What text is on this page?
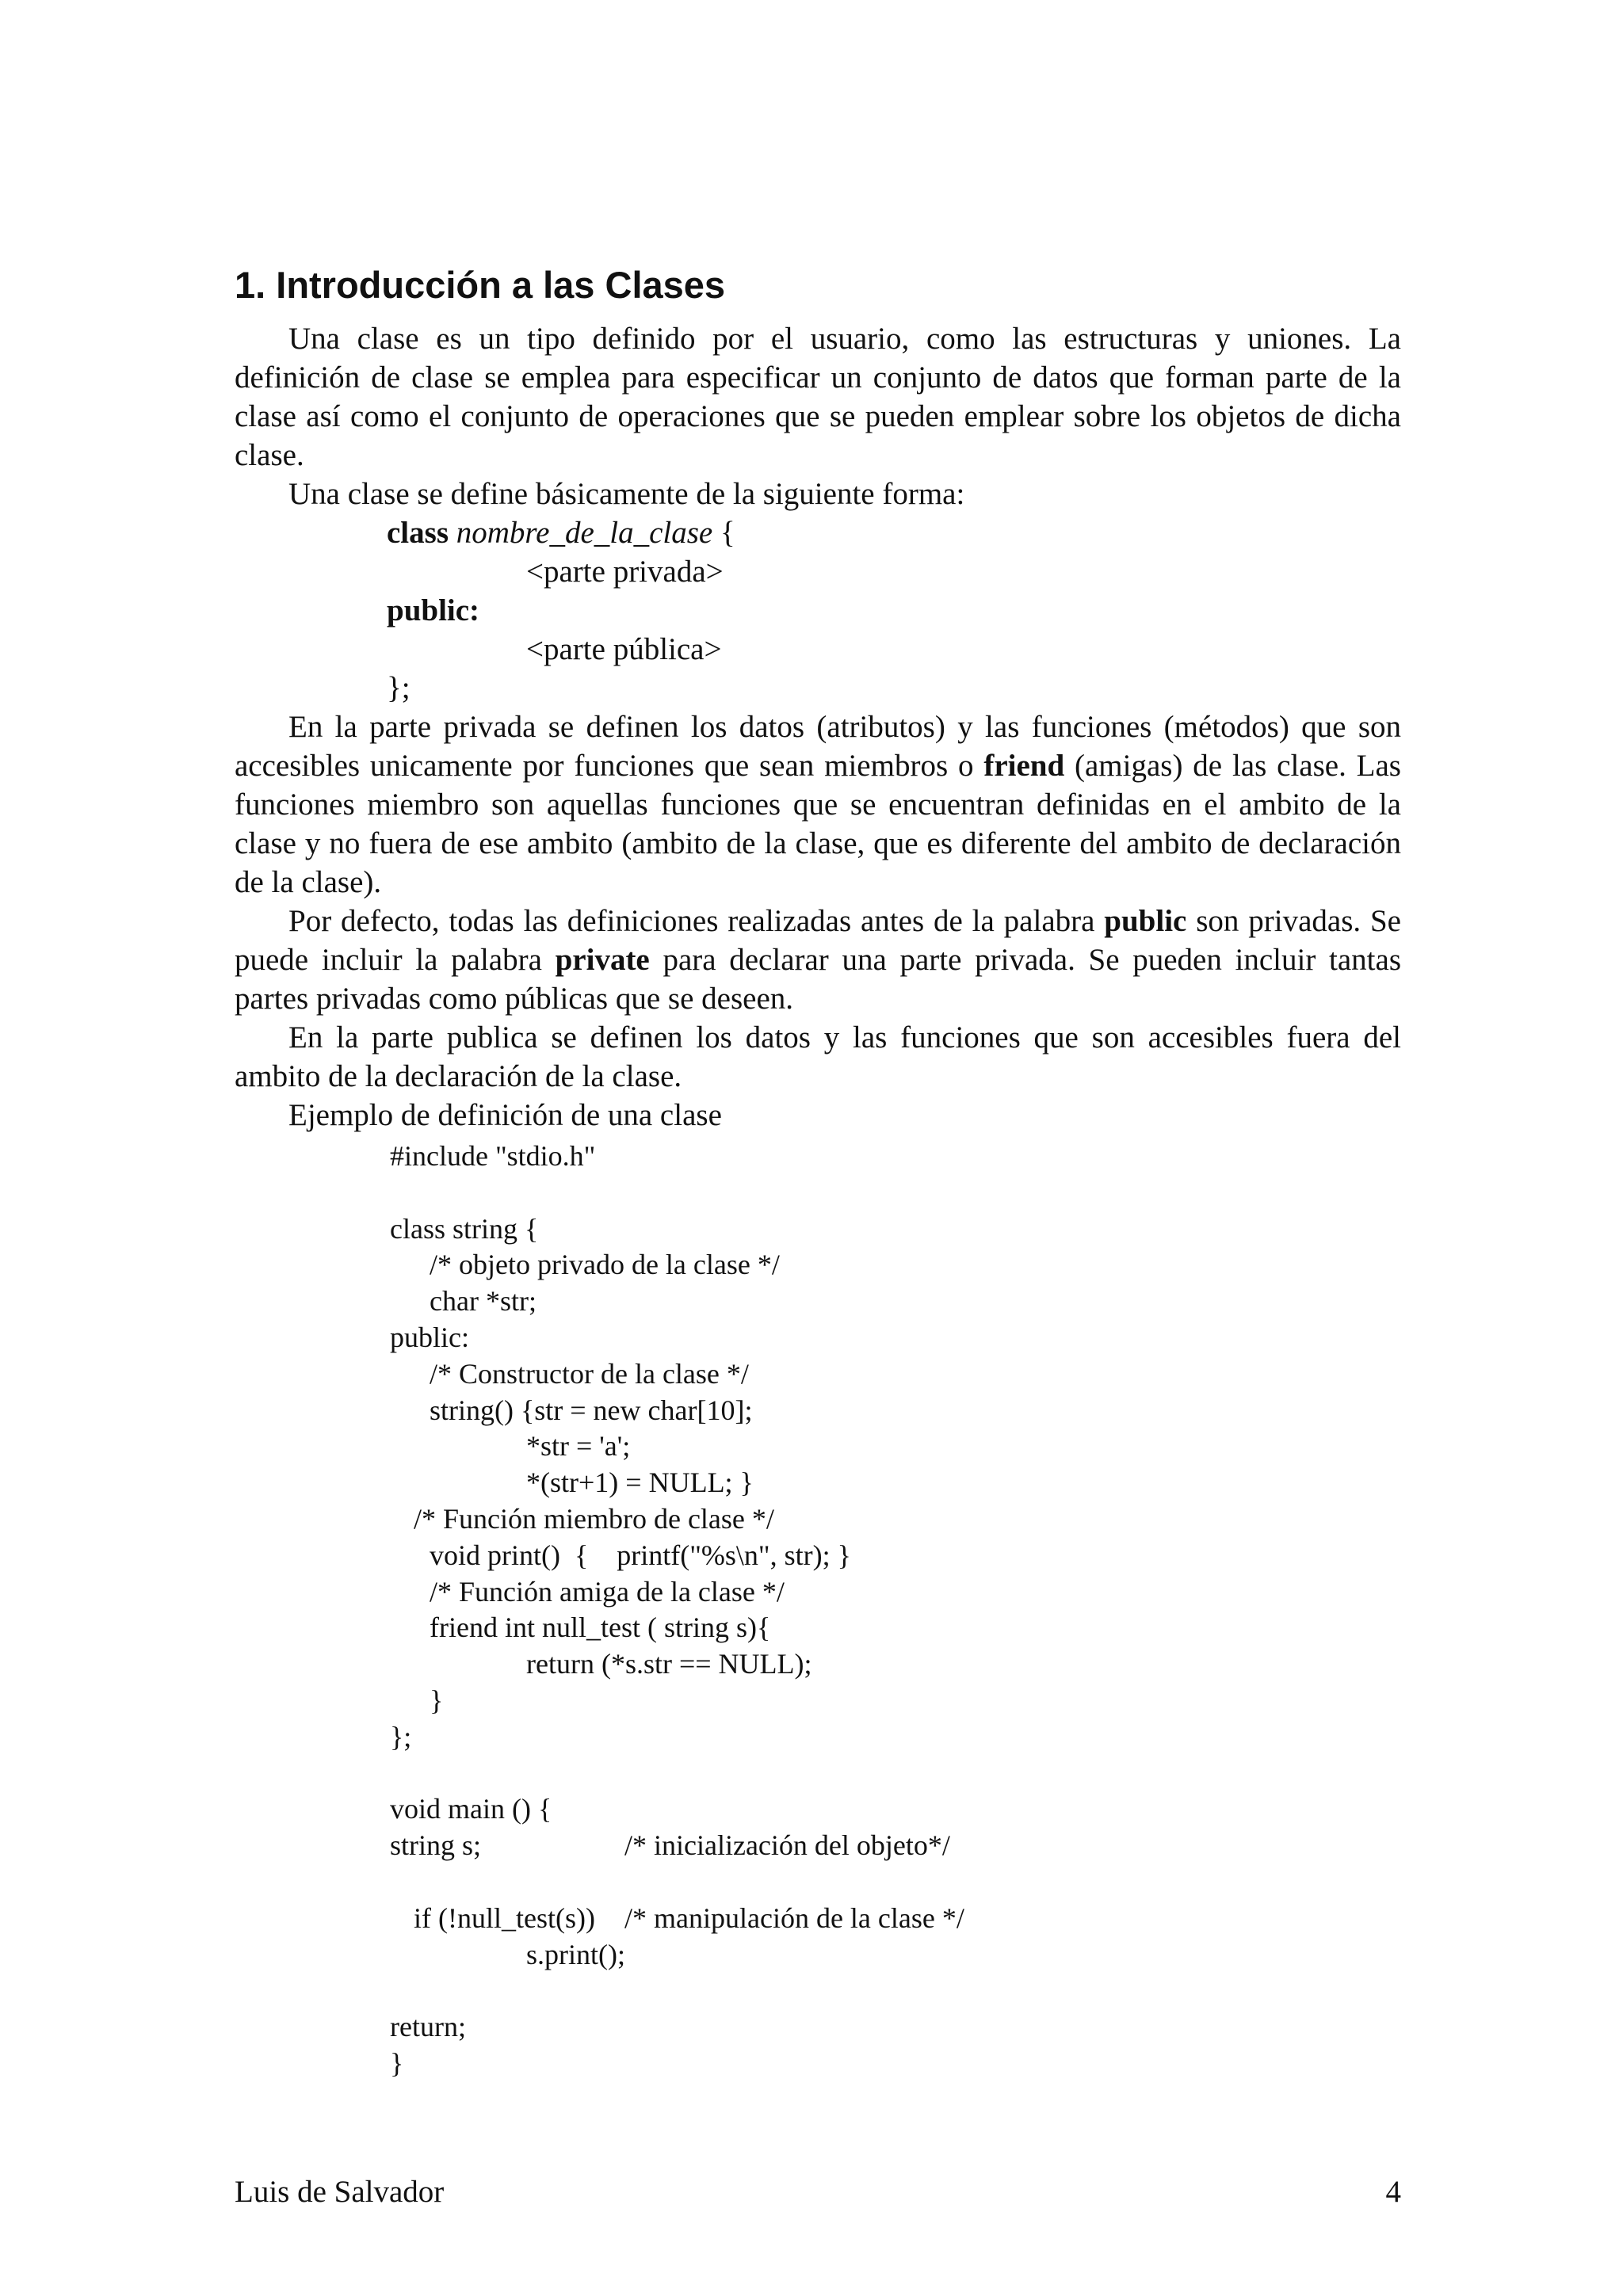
1. Introducción a las Clases

Una clase es un tipo definido por el usuario, como las estructuras y uniones. La definición de clase se emplea para especificar un conjunto de datos que forman parte de la clase así como el conjunto de operaciones que se pueden emplear sobre los objetos de dicha clase.

Una clase se define básicamente de la siguiente forma:

class nombre_de_la_clase {
<parte privada>
public:
<parte pública>
};

En la parte privada se definen los datos (atributos) y las funciones (métodos) que son accesibles unicamente por funciones que sean miembros o friend (amigas) de las clase. Las funciones miembro son aquellas funciones que se encuentran definidas en el ambito de la clase y no fuera de ese ambito (ambito de la clase, que es diferente del ambito de declaración de la clase).

Por defecto, todas las definiciones realizadas antes de la palabra public son privadas. Se puede incluir la palabra private para declarar una parte privada. Se pueden incluir tantas partes privadas como públicas que se deseen.

En la parte publica se definen los datos y las funciones que son accesibles fuera del ambito de la declaración de la clase.

Ejemplo de definición de una clase

#include "stdio.h"
class string {
/* objeto privado de la clase */
char *str;
public:
/* Constructor de la clase */
string() {str = new char[10];
*str = 'a';
*(str+1) = NULL; }
/* Función miembro de clase */
void print()  {    printf("%s\n", str); }
/* Función amiga de la clase */
friend int null_test ( string s){
return (*s.str == NULL);
}
};
void main () {
string s;	/* inicialización del objeto*/
if (!null_test(s)) /* manipulación de la clase */
s.print();
return;
}
Luis de Salvador	4
